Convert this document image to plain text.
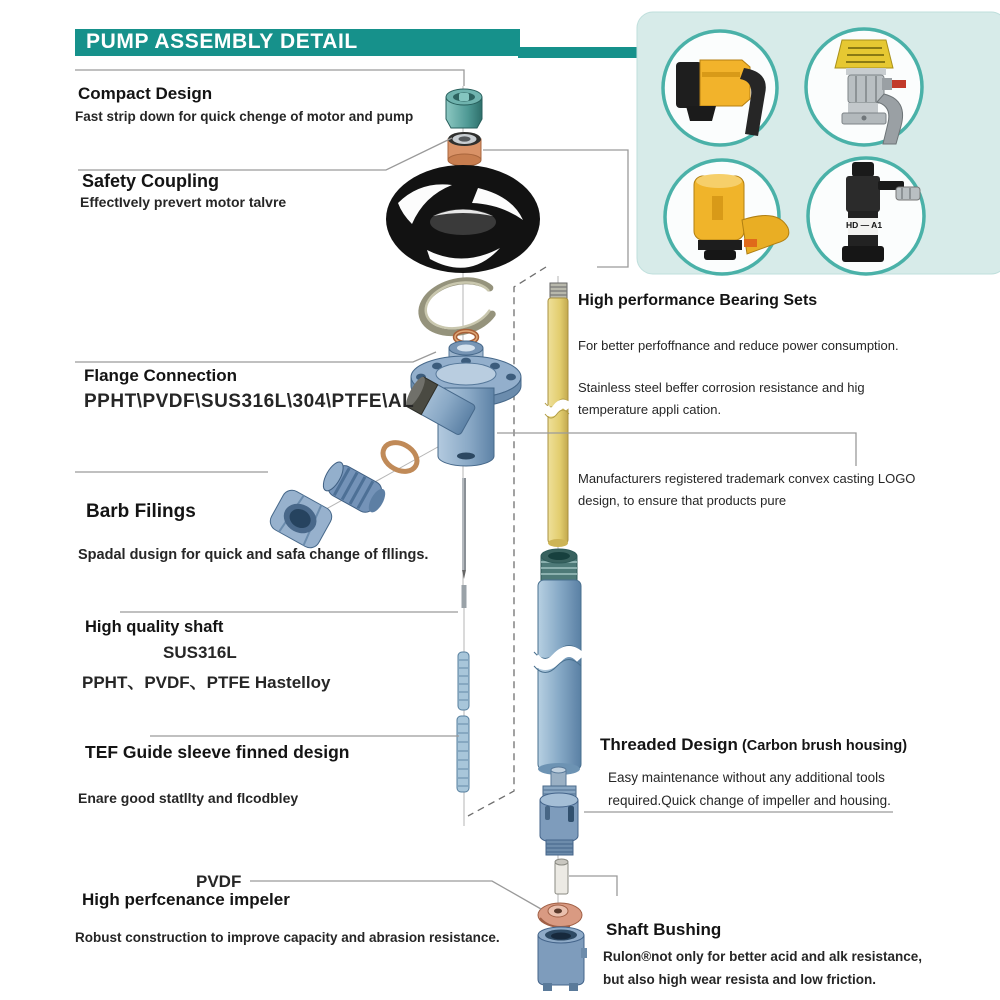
PUMP ASSEMBLY DETAIL
Compact Design
Fast strip down for quick chenge of motor and pump
Safety Coupling
EffectIvely prevert motor talvre
Flange Connection
PPHT\PVDF\SUS316L\304\PTFE\AL
Barb Filings
Spadal dusign for quick and safa change of fllings.
High quality shaft
SUS316L
PPHT、PVDF、PTFE Hastelloy
TEF Guide sleeve finned design
Enare good statllty and flcodbley
PVDF
High perfcenance impeler
Robust construction to improve capacity and abrasion resistance.
High performance Bearing Sets
For better perfoffnance and reduce power consumption.
Stainless steel beffer corrosion resistance and hig
temperature appli cation.
Manufacturers registered trademark convex casting LOGO
design, to ensure that products pure
Threaded Design (Carbon brush housing)
Easy maintenance without any additional tools
required.Quick change of impeller and housing.
Shaft Bushing
Rulon®not only for better acid and alk resistance,
but also high wear resista and low friction.
HD — A1
